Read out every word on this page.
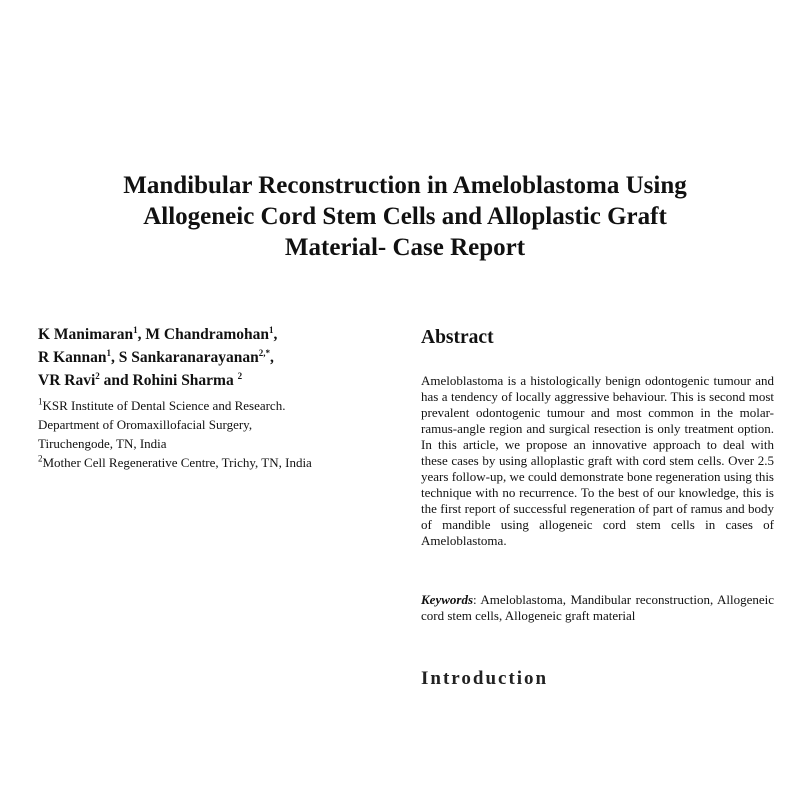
Mandibular Reconstruction in Ameloblastoma Using
Allogeneic Cord Stem Cells and Alloplastic Graft
Material- Case Report
K Manimaran$^1$, M Chandramohan$^1$,
R Kannan$^1$, S Sankaranarayanan$^{2,*}$,
VR Ravi$^2$ and Rohini Sharma $^2$
$^1$KSR Institute of Dental Science and Research.
Department of Oromaxillofacial Surgery,
Tiruchengode, TN, India
$^2$Mother Cell Regenerative Centre, Trichy, TN, India
Abstract

Ameloblastoma is a histologically benign odontogenic tumour and has a tendency of locally aggressive behaviour. This is second most prevalent odontogenic tumour and most common in the molar-ramus-angle region and surgical resection is only treatment option. In this article, we propose an innovative approach to deal with these cases by using alloplastic graft with cord stem cells. Over 2.5 years follow-up, we could demonstrate bone regeneration using this technique with no recurrence. To the best of our knowledge, this is the first report of successful regeneration of part of ramus and body of mandible using allogeneic cord stem cells in cases of Ameloblastoma.

Keywords: Ameloblastoma, Mandibular reconstruction, Allogeneic cord stem cells, Allogeneic graft material

Introduction
